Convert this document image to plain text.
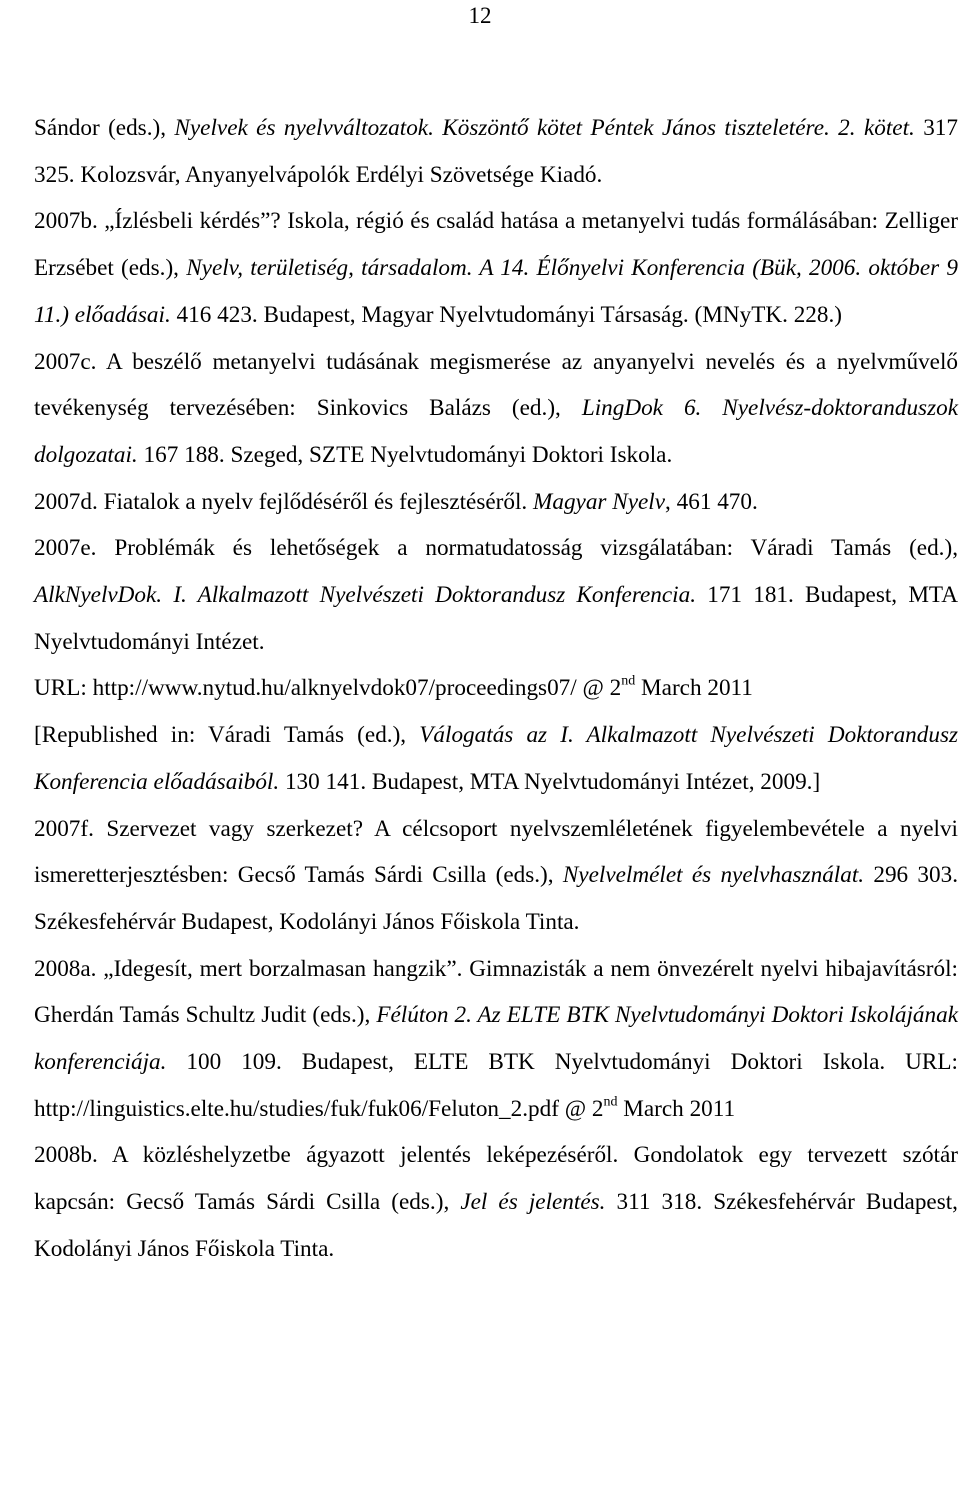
12
Sándor (eds.), Nyelvek és nyelvváltozatok. Köszöntő kötet Péntek János tiszteletére. 2. kötet. 317 325. Kolozsvár, Anyanyelvápolók Erdélyi Szövetsége Kiadó.
2007b. „Ízlésbeli kérdés”? Iskola, régió és család hatása a metanyelvi tudás formálásában: Zelliger Erzsébet (eds.), Nyelv, területiség, társadalom. A 14. Élőnyelvi Konferencia (Bük, 2006. október 9 11.) előadásai. 416 423. Budapest, Magyar Nyelvtudományi Társaság. (MNyTK. 228.)
2007c. A beszélő metanyelvi tudásának megismerése az anyanyelvi nevelés és a nyelvművelő tevékenység tervezésében: Sinkovics Balázs (ed.), LingDok 6. Nyelvész-doktoranduszok dolgozatai. 167 188. Szeged, SZTE Nyelvtudományi Doktori Iskola.
2007d. Fiatalok a nyelv fejlődéséről és fejlesztéséről. Magyar Nyelv, 461 470.
2007e. Problémák és lehetőségek a normatudatosság vizsgálatában: Váradi Tamás (ed.), AlkNyelvDok. I. Alkalmazott Nyelvészeti Doktorandusz Konferencia. 171 181. Budapest, MTA Nyelvtudományi Intézet.
URL: http://www.nytud.hu/alknyelvdok07/proceedings07/ @ 2nd March 2011
[Republished in: Váradi Tamás (ed.), Válogatás az I. Alkalmazott Nyelvészeti Doktorandusz Konferencia előadásaiból. 130 141. Budapest, MTA Nyelvtudományi Intézet, 2009.]
2007f. Szervezet vagy szerkezet? A célcsoport nyelvszemléletének figyelembevétele a nyelvi ismeretterjesztésben: Gecső Tamás Sárdi Csilla (eds.), Nyelvelmélet és nyelvhasználat. 296 303. Székesfehérvár Budapest, Kodolányi János Főiskola Tinta.
2008a. „Idegesít, mert borzalmasan hangzik”. Gimnazisták a nem önvezérelt nyelvi hibajavításról: Gherdán Tamás Schultz Judit (eds.), Félúton 2. Az ELTE BTK Nyelvtudományi Doktori Iskolájának konferenciája. 100 109. Budapest, ELTE BTK Nyelvtudományi Doktori Iskola. URL: http://linguistics.elte.hu/studies/fuk/fuk06/Feluton_2.pdf @ 2nd March 2011
2008b. A közléshelyzetbe ágyazott jelentés leképezéséről. Gondolatok egy tervezett szótár kapcsán: Gecső Tamás Sárdi Csilla (eds.), Jel és jelentés. 311 318. Székesfehérvár Budapest, Kodolányi János Főiskola Tinta.
